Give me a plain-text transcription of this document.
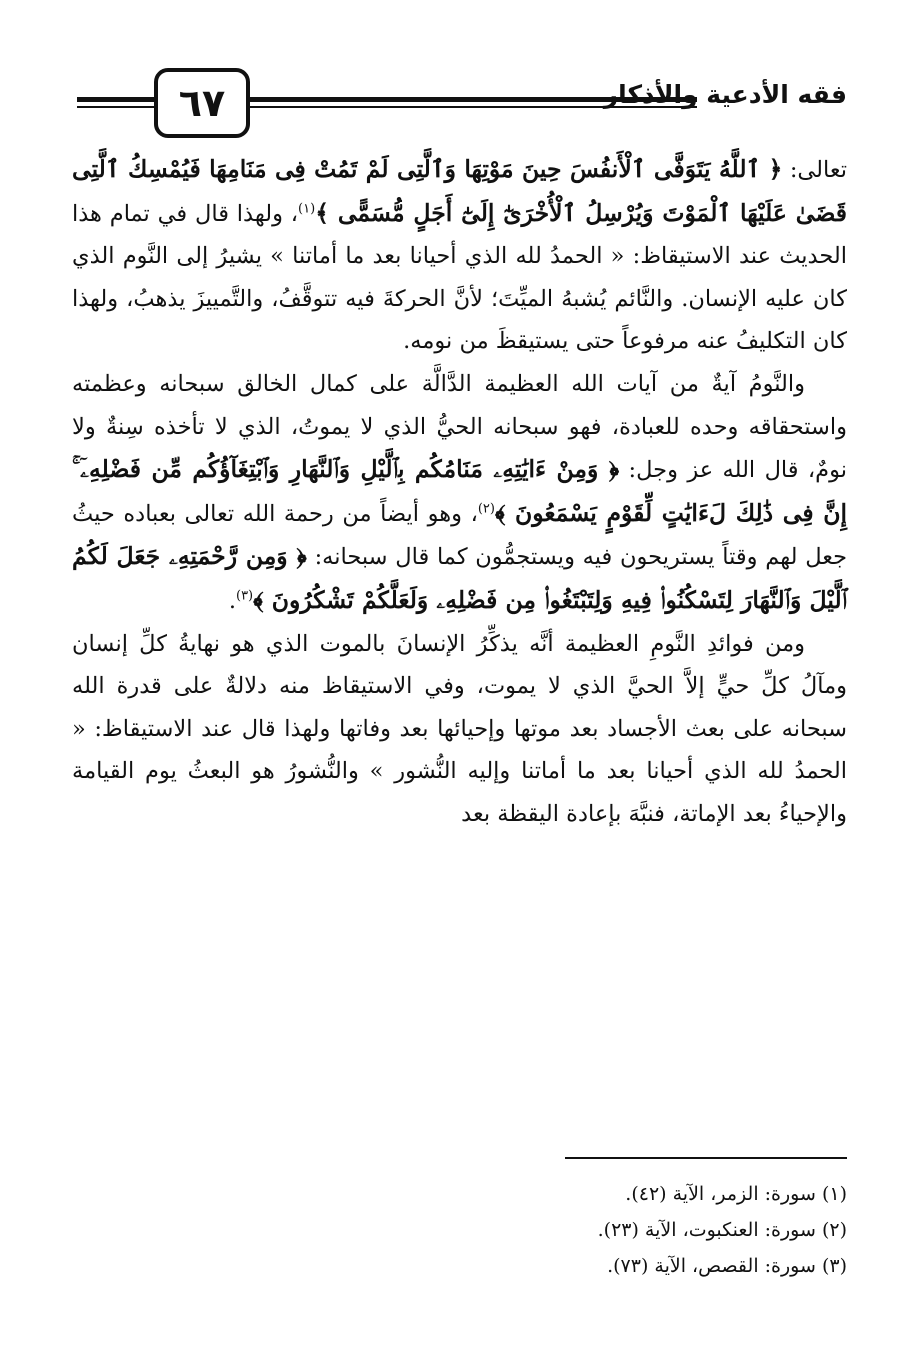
٦٧	فقه الأدعية والأذكار

تعالى: ﴿ ٱللَّهُ يَتَوَفَّى ٱلْأَنفُسَ حِينَ مَوْتِهَا وَٱلَّتِى لَمْ تَمُتْ فِى مَنَامِهَا فَيُمْسِكُ ٱلَّتِى قَضَىٰ عَلَيْهَا ٱلْمَوْتَ وَيُرْسِلُ ٱلْأُخْرَىٰٓ إِلَىٰٓ أَجَلٍ مُّسَمًّى ﴾$^{(١)}$، ولهذا قال في تمام هذا الحديث عند الاستيقاظ: « الحمدُ لله الذي أحيانا بعد ما أماتنا » يشيرُ إلى النَّوم الذي كان عليه الإنسان. والنَّائم يُشبهُ الميِّتَ؛ لأنَّ الحركةَ فيه تتوقَّفُ، والتَّمييزَ يذهبُ، ولهذا كان التكليفُ عنه مرفوعاً حتى يستيقظَ من نومه.

والنَّومُ آيةٌ من آيات الله العظيمة الدَّالَّة على كمال الخالق سبحانه وعظمته واستحقاقه وحده للعبادة، فهو سبحانه الحيُّ الذي لا يموتُ، الذي لا تأخذه سِنةٌ ولا نومٌ، قال الله عز وجل: ﴿ وَمِنْ ءَايَٰتِهِۦ مَنَامُكُم بِٱلَّيْلِ وَٱلنَّهَارِ وَٱبْتِغَآؤُكُم مِّن فَضْلِهِۦٓ ۚ إِنَّ فِى ذَٰلِكَ لَءَايَٰتٍ لِّقَوْمٍ يَسْمَعُونَ ﴾$^{(٢)}$، وهو أيضاً من رحمة الله تعالى بعباده حيثُ جعل لهم وقتاً يستريحون فيه ويستجمُّون كما قال سبحانه: ﴿ وَمِن رَّحْمَتِهِۦ جَعَلَ لَكُمُ ٱلَّيْلَ وَٱلنَّهَارَ لِتَسْكُنُوا۟ فِيهِ وَلِتَبْتَغُوا۟ مِن فَضْلِهِۦ وَلَعَلَّكُمْ تَشْكُرُونَ ﴾$^{(٣)}$.

ومن فوائدِ النَّومِ العظيمة أنَّه يذكِّرُ الإنسانَ بالموت الذي هو نهايةُ كلِّ إنسان ومآلُ كلِّ حيٍّ إلاَّ الحيَّ الذي لا يموت، وفي الاستيقاظ منه دلالةٌ على قدرة الله سبحانه على بعث الأجساد بعد موتها وإحيائها بعد وفاتها ولهذا قال عند الاستيقاظ: « الحمدُ لله الذي أحيانا بعد ما أماتنا وإليه النُّشور » والنُّشورُ هو البعثُ يوم القيامة والإحياءُ بعد الإماتة، فنبَّهَ بإعادة اليقظة بعد

(١) سورة: الزمر، الآية (٤٢).
(٢) سورة: العنكبوت، الآية (٢٣).
(٣) سورة: القصص، الآية (٧٣).
